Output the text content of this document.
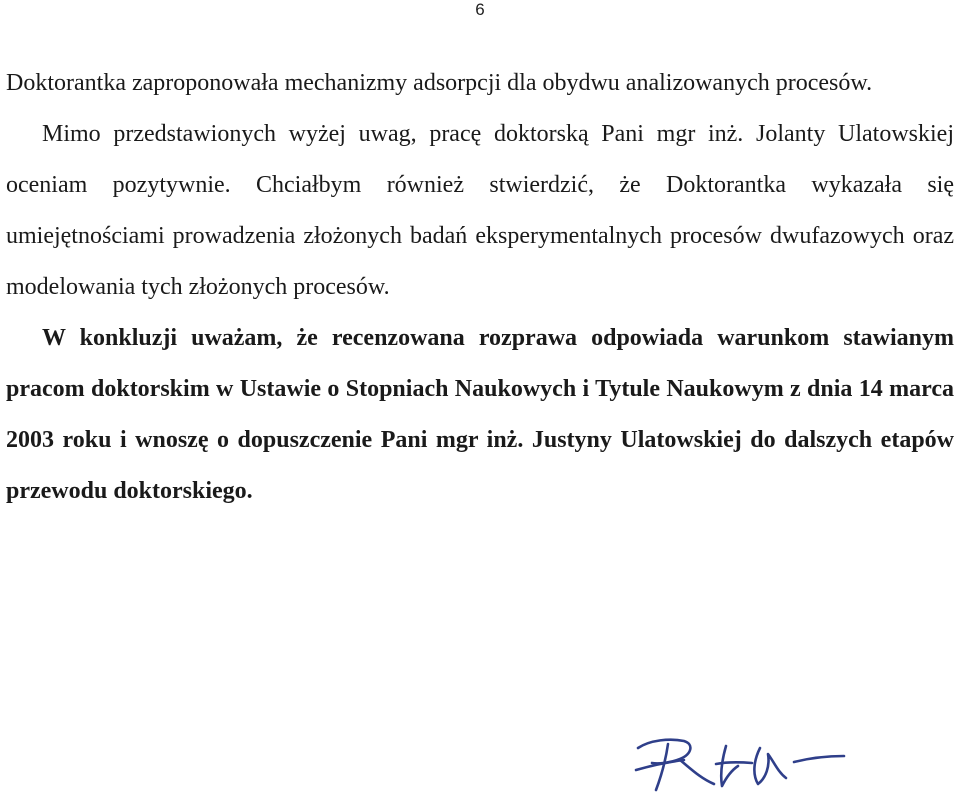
6

Doktorantka zaproponowała mechanizmy adsorpcji dla obydwu analizowanych procesów.

Mimo przedstawionych wyżej uwag, pracę doktorską Pani mgr inż. Jolanty Ulatowskiej oceniam pozytywnie. Chciałbym również stwierdzić, że Doktorantka wykazała się umiejętnościami prowadzenia złożonych badań eksperymentalnych procesów dwufazowych oraz modelowania tych złożonych procesów.

W konkluzji uważam, że recenzowana rozprawa odpowiada warunkom stawianym pracom doktorskim w Ustawie o Stopniach Naukowych i Tytule Naukowym z dnia 14 marca 2003 roku i wnoszę o dopuszczenie Pani mgr inż. Justyny Ulatowskiej do dalszych etapów przewodu doktorskiego.
